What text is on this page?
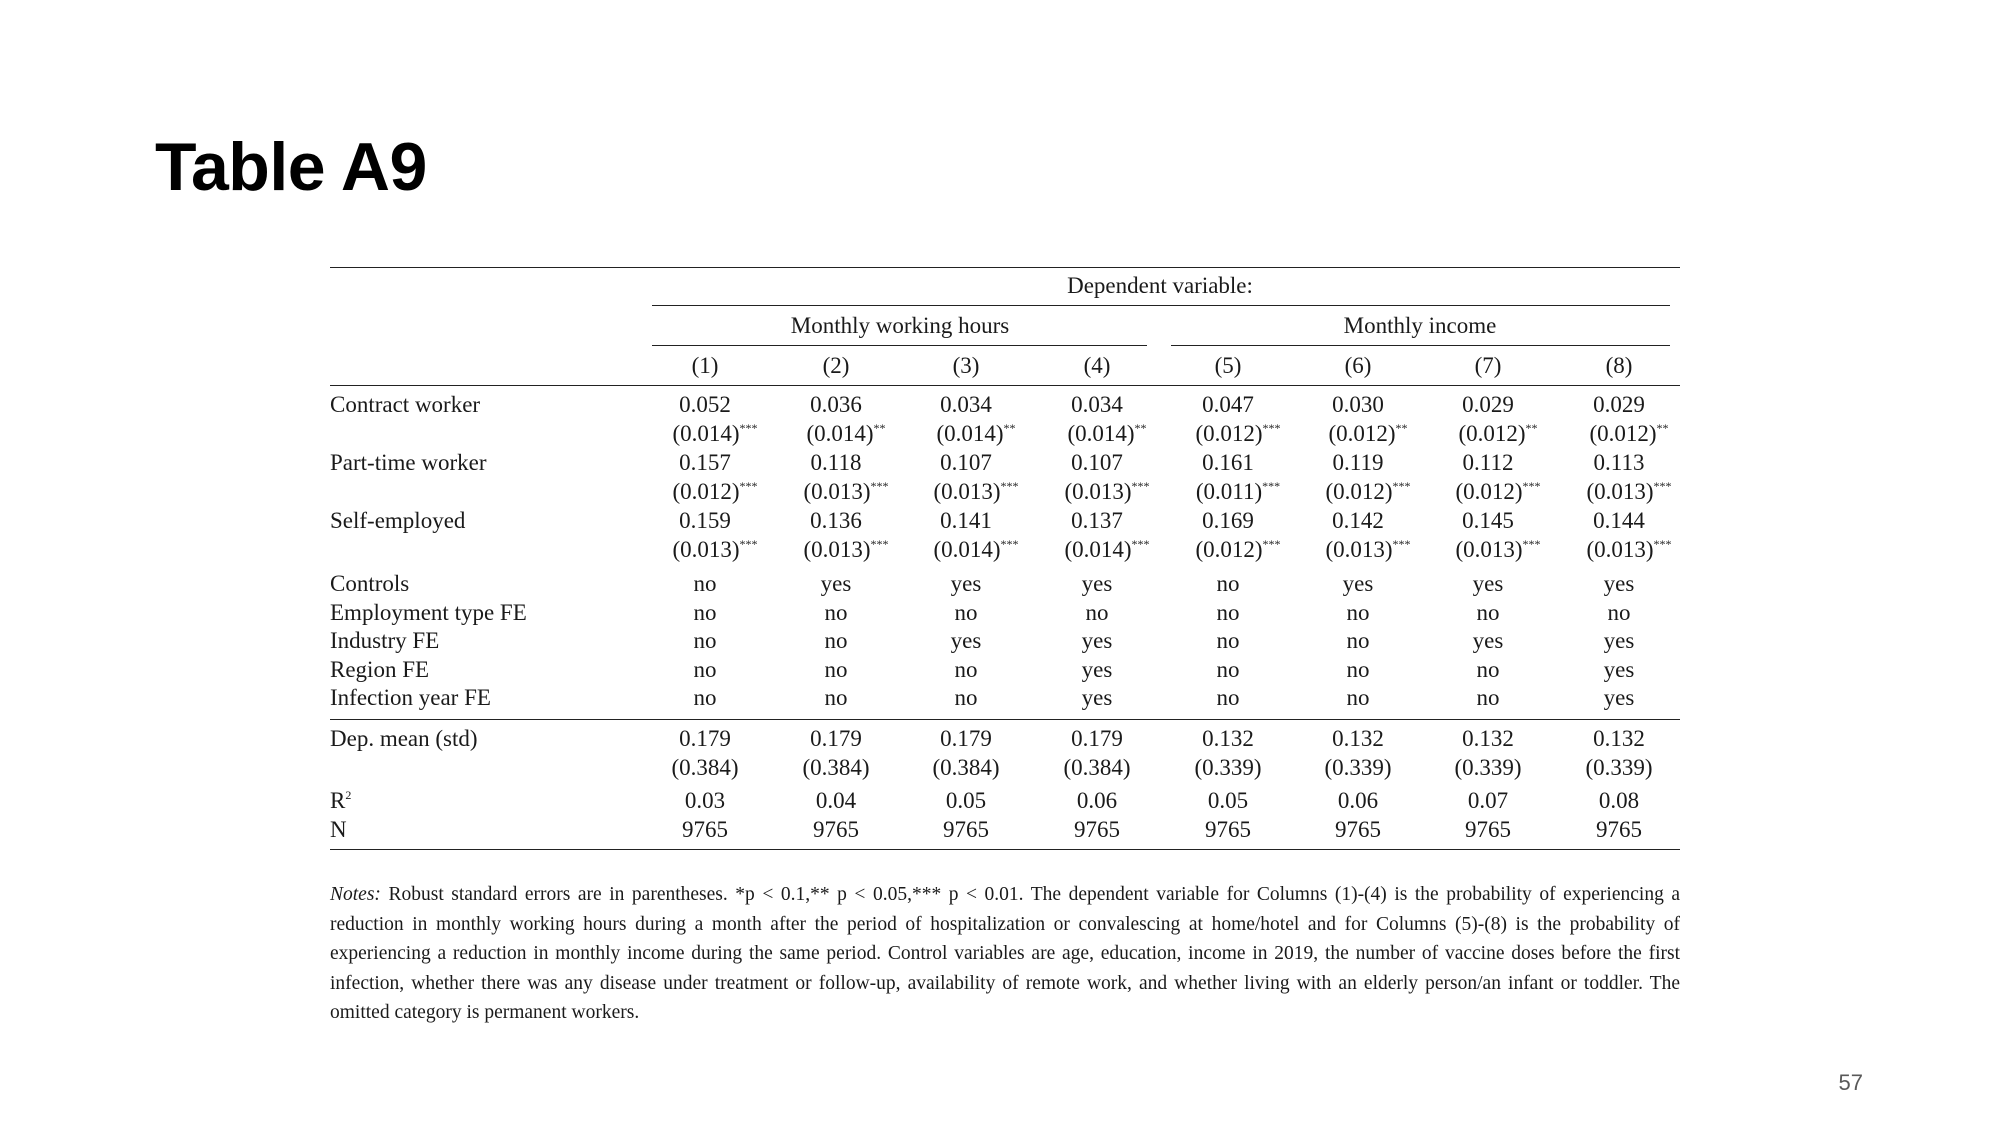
Table A9
Dependent variable:
Monthly working hours	Monthly income
(1)	(2)	(3)	(4)	(5)	(6)	(7)	(8)
Contract worker	0.052	0.036	0.034	0.034	0.047	0.030	0.029	0.029
(0.014)*** (0.014)** (0.014)** (0.014)** (0.012)*** (0.012)** (0.012)** (0.012)**
Part-time worker	0.157	0.118	0.107	0.107	0.161	0.119	0.112	0.113
(0.012)*** (0.013)*** (0.013)*** (0.013)*** (0.011)*** (0.012)*** (0.012)*** (0.013)***
Self-employed	0.159	0.136	0.141	0.137	0.169	0.142	0.145	0.144
(0.013)*** (0.013)*** (0.014)*** (0.014)*** (0.012)*** (0.013)*** (0.013)*** (0.013)***
Controls	no	yes	yes	yes	no	yes	yes	yes
Employment type FE	no	no	no	no	no	no	no	no
Industry FE	no	no	yes	yes	no	no	yes	yes
Region FE	no	no	no	yes	no	no	no	yes
Infection year FE	no	no	no	yes	no	no	no	yes
Dep. mean (std)	0.179	0.179	0.179	0.179	0.132	0.132	0.132	0.132
(0.384)	(0.384)	(0.384)	(0.384)	(0.339)	(0.339)	(0.339)	(0.339)
$R^2$	0.03	0.04	0.05	0.06	0.05	0.06	0.07	0.08
N	9765	9765	9765	9765	9765	9765	9765	9765
Notes: Robust standard errors are in parentheses. *p < 0.1,** p < 0.05,*** p < 0.01. The dependent variable for Columns (1)-(4) is the probability of experiencing a reduction in monthly working hours during a month after the period of hospitalization or convalescing at home/hotel and for Columns (5)-(8) is the probability of experiencing a reduction in monthly income during the same period. Control variables are age, education, income in 2019, the number of vaccine doses before the first infection, whether there was any disease under treatment or follow-up, availability of remote work, and whether living with an elderly person/an infant or toddler. The omitted category is permanent workers.
57
